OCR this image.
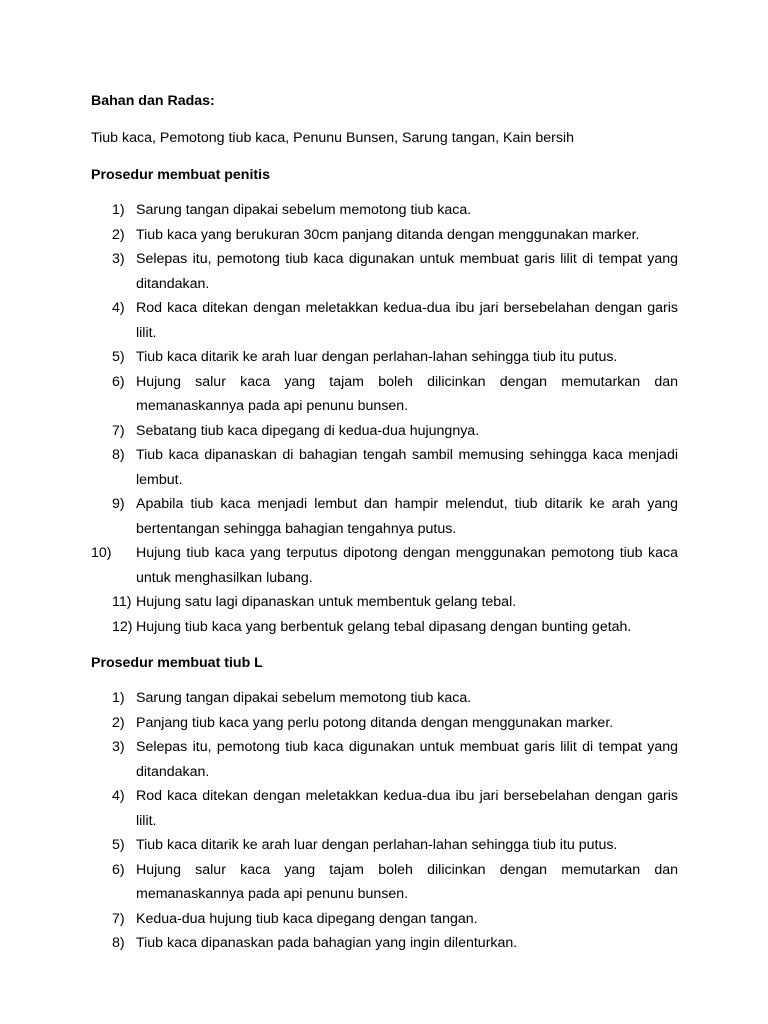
Bahan dan Radas:

Tiub kaca, Pemotong tiub kaca, Penunu Bunsen, Sarung tangan, Kain bersih

Prosedur membuat penitis

1) Sarung tangan dipakai sebelum memotong tiub kaca.
2) Tiub kaca yang berukuran 30cm panjang ditanda dengan menggunakan marker.
3) Selepas itu, pemotong tiub kaca digunakan untuk membuat garis lilit di tempat yang ditandakan.
4) Rod kaca ditekan dengan meletakkan kedua-dua ibu jari bersebelahan dengan garis lilit.
5) Tiub kaca ditarik ke arah luar dengan perlahan-lahan sehingga tiub itu putus.
6) Hujung salur kaca yang tajam boleh dilicinkan dengan memutarkan dan memanaskannya pada api penunu bunsen.
7) Sebatang tiub kaca dipegang di kedua-dua hujungnya.
8) Tiub kaca dipanaskan di bahagian tengah sambil memusing sehingga kaca menjadi lembut.
9) Apabila tiub kaca menjadi lembut dan hampir melendut, tiub ditarik ke arah yang bertentangan sehingga bahagian tengahnya putus.
10) Hujung tiub kaca yang terputus dipotong dengan menggunakan pemotong tiub kaca untuk menghasilkan lubang.
11) Hujung satu lagi dipanaskan untuk membentuk gelang tebal.
12) Hujung tiub kaca yang berbentuk gelang tebal dipasang dengan bunting getah.

Prosedur membuat tiub L

1) Sarung tangan dipakai sebelum memotong tiub kaca.
2) Panjang tiub kaca yang perlu potong ditanda dengan menggunakan marker.
3) Selepas itu, pemotong tiub kaca digunakan untuk membuat garis lilit di tempat yang ditandakan.
4) Rod kaca ditekan dengan meletakkan kedua-dua ibu jari bersebelahan dengan garis lilit.
5) Tiub kaca ditarik ke arah luar dengan perlahan-lahan sehingga tiub itu putus.
6) Hujung salur kaca yang tajam boleh dilicinkan dengan memutarkan dan memanaskannya pada api penunu bunsen.
7) Kedua-dua hujung tiub kaca dipegang dengan tangan.
8) Tiub kaca dipanaskan pada bahagian yang ingin dilenturkan.
